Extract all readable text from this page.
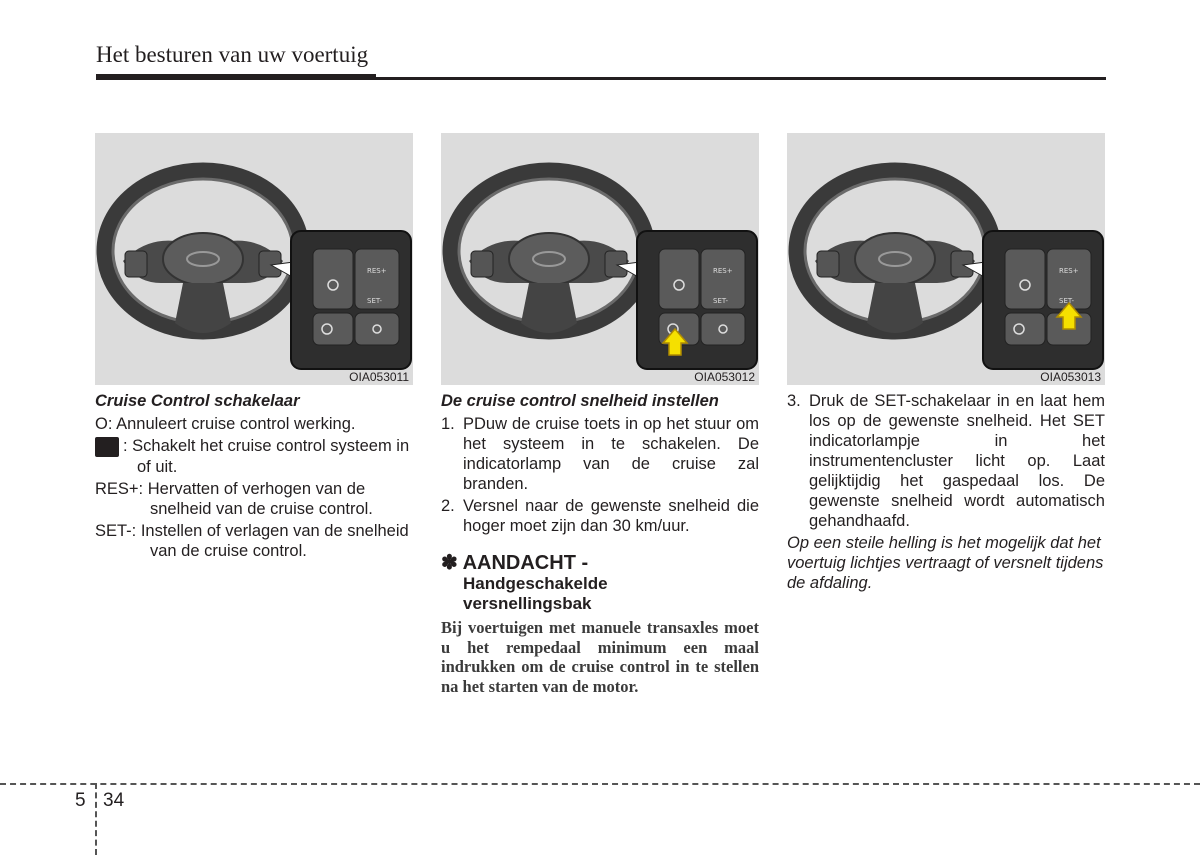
Het besturen van uw voertuig
RES+
SET-
OIA053011
RES+
SET-
OIA053012
RES+
SET-
OIA053013
Cruise Control schakelaar
O: Annuleert cruise control werking.
: Schakelt het cruise control systeem in of uit.
RES+: Hervatten of verhogen van de snelheid van de cruise control.
SET-: Instellen of verlagen van de snelheid van de cruise control.
De cruise control snelheid instellen
1. PDuw de cruise toets in op het stuur om het systeem in te schakelen. De indicatorlamp van de cruise zal branden.
2. Versnel naar de gewenste snelheid die hoger moet zijn dan 30 km/uur.
✽ AANDACHT -
Handgeschakelde
versnellingsbak
Bij voertuigen met manuele transaxles moet u het rempedaal minimum een maal indrukken om de cruise control in te stellen na het starten van de motor.
3. Druk de SET-schakelaar in en laat hem los op de gewenste snelheid. Het SET indicatorlampje in het instrumentencluster licht op. Laat gelijktijdig het gaspedaal los. De gewenste snelheid wordt automatisch gehandhaafd.
Op een steile helling is het mogelijk dat het voertuig lichtjes vertraagt of versnelt tijdens de afdaling.
5 34
